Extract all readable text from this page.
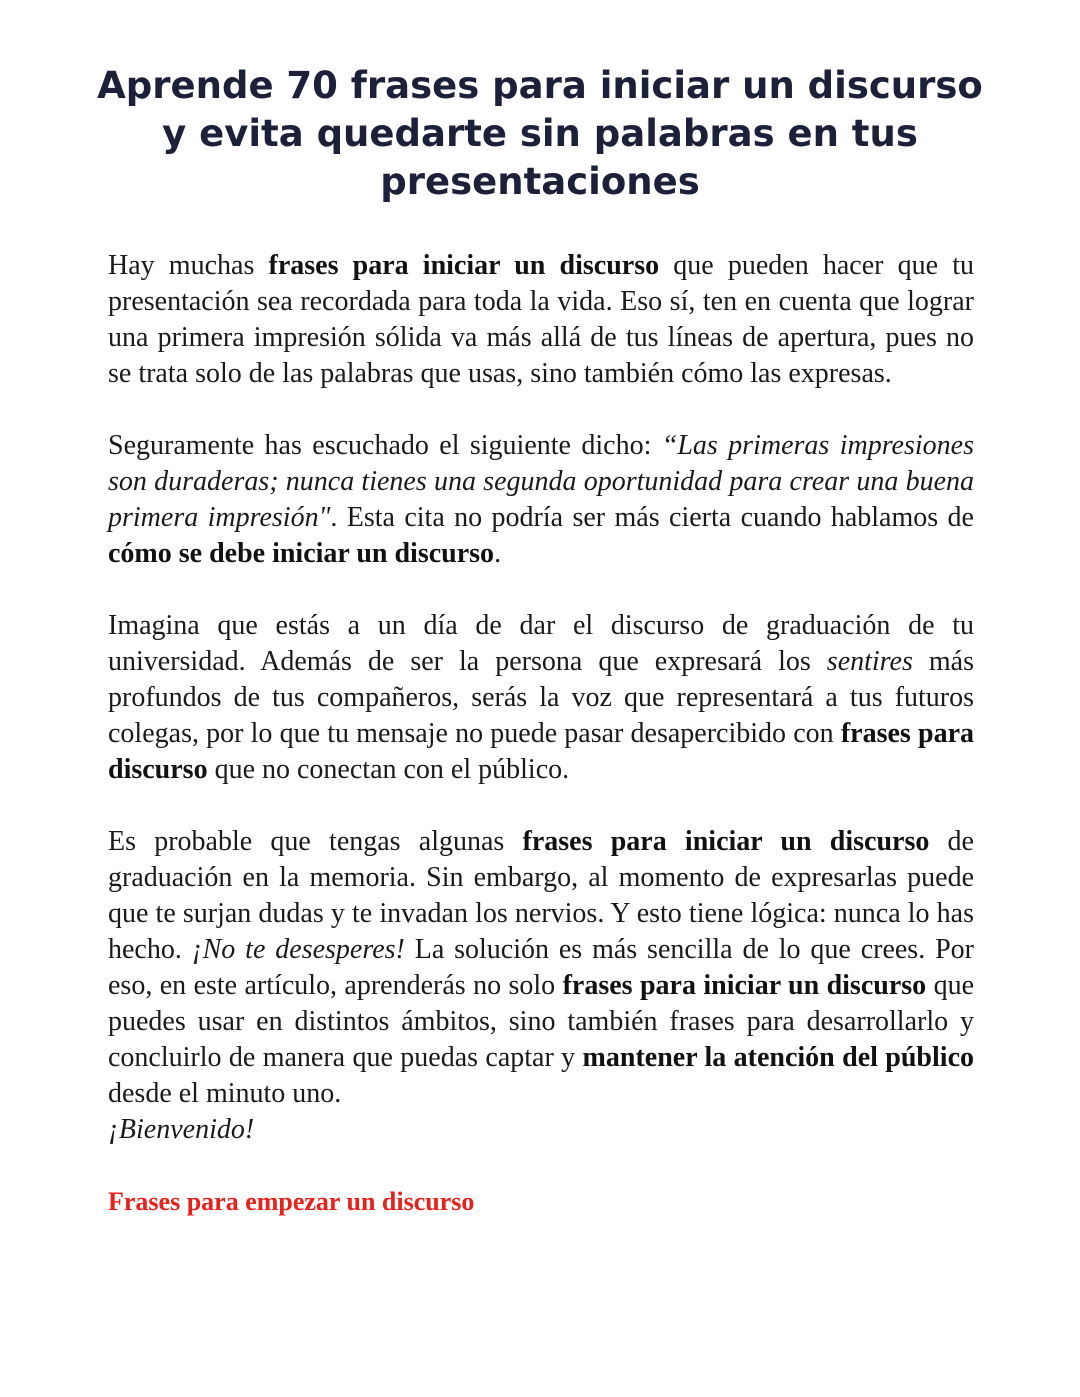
Aprende 70 frases para iniciar un discurso y evita quedarte sin palabras en tus presentaciones

Hay muchas frases para iniciar un discurso que pueden hacer que tu presentación sea recordada para toda la vida. Eso sí, ten en cuenta que lograr una primera impresión sólida va más allá de tus líneas de apertura, pues no se trata solo de las palabras que usas, sino también cómo las expresas.

Seguramente has escuchado el siguiente dicho: “Las primeras impresiones son duraderas; nunca tienes una segunda oportunidad para crear una buena primera impresión". Esta cita no podría ser más cierta cuando hablamos de cómo se debe iniciar un discurso.

Imagina que estás a un día de dar el discurso de graduación de tu universidad. Además de ser la persona que expresará los sentires más profundos de tus compañeros, serás la voz que representará a tus futuros colegas, por lo que tu mensaje no puede pasar desapercibido con frases para discurso que no conectan con el público.

Es probable que tengas algunas frases para iniciar un discurso de graduación en la memoria. Sin embargo, al momento de expresarlas puede que te surjan dudas y te invadan los nervios. Y esto tiene lógica: nunca lo has hecho. ¡No te desesperes! La solución es más sencilla de lo que crees. Por eso, en este artículo, aprenderás no solo frases para iniciar un discurso que puedes usar en distintos ámbitos, sino también frases para desarrollarlo y concluirlo de manera que puedas captar y mantener la atención del público desde el minuto uno.

¡Bienvenido!

Frases para empezar un discurso
